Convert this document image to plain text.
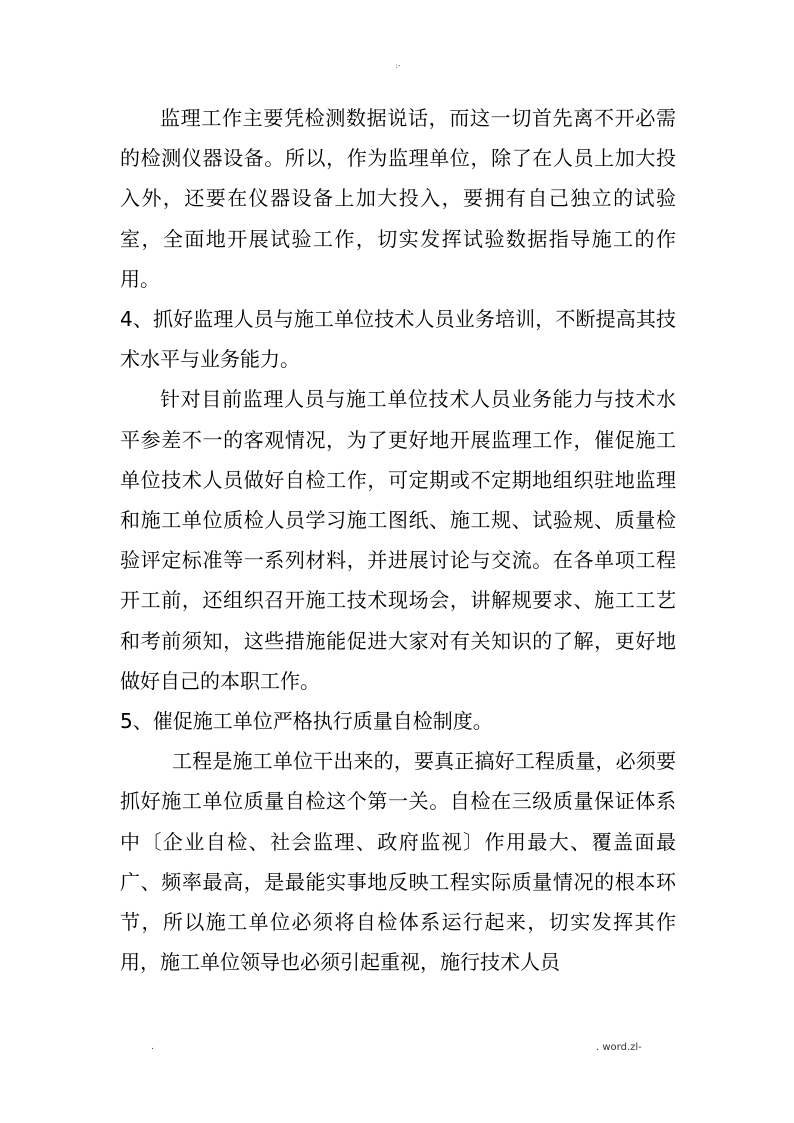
:-

监理工作主要凭检测数据说话，而这一切首先离不开必需的检测仪器设备。所以，作为监理单位，除了在人员上加大投入外，还要在仪器设备上加大投入，要拥有自己独立的试验室，全面地开展试验工作，切实发挥试验数据指导施工的作用。

4、抓好监理人员与施工单位技术人员业务培训，不断提高其技术水平与业务能力。

针对目前监理人员与施工单位技术人员业务能力与技术水平参差不一的客观情况，为了更好地开展监理工作，催促施工单位技术人员做好自检工作，可定期或不定期地组织驻地监理和施工单位质检人员学习施工图纸、施工规、试验规、质量检验评定标准等一系列材料，并进展讨论与交流。在各单项工程开工前，还组织召开施工技术现场会，讲解规要求、施工工艺和考前须知，这些措施能促进大家对有关知识的了解，更好地做好自己的本职工作。

5、催促施工单位严格执行质量自检制度。

工程是施工单位干出来的，要真正搞好工程质量，必须要抓好施工单位质量自检这个第一关。自检在三级质量保证体系中〔企业自检、社会监理、政府监视〕作用最大、覆盖面最广、频率最高，是最能实事地反映工程实际质量情况的根本环节，所以施工单位必须将自检体系运行起来，切实发挥其作用，施工单位领导也必须引起重视，施行技术人员

.	. word.zl-
